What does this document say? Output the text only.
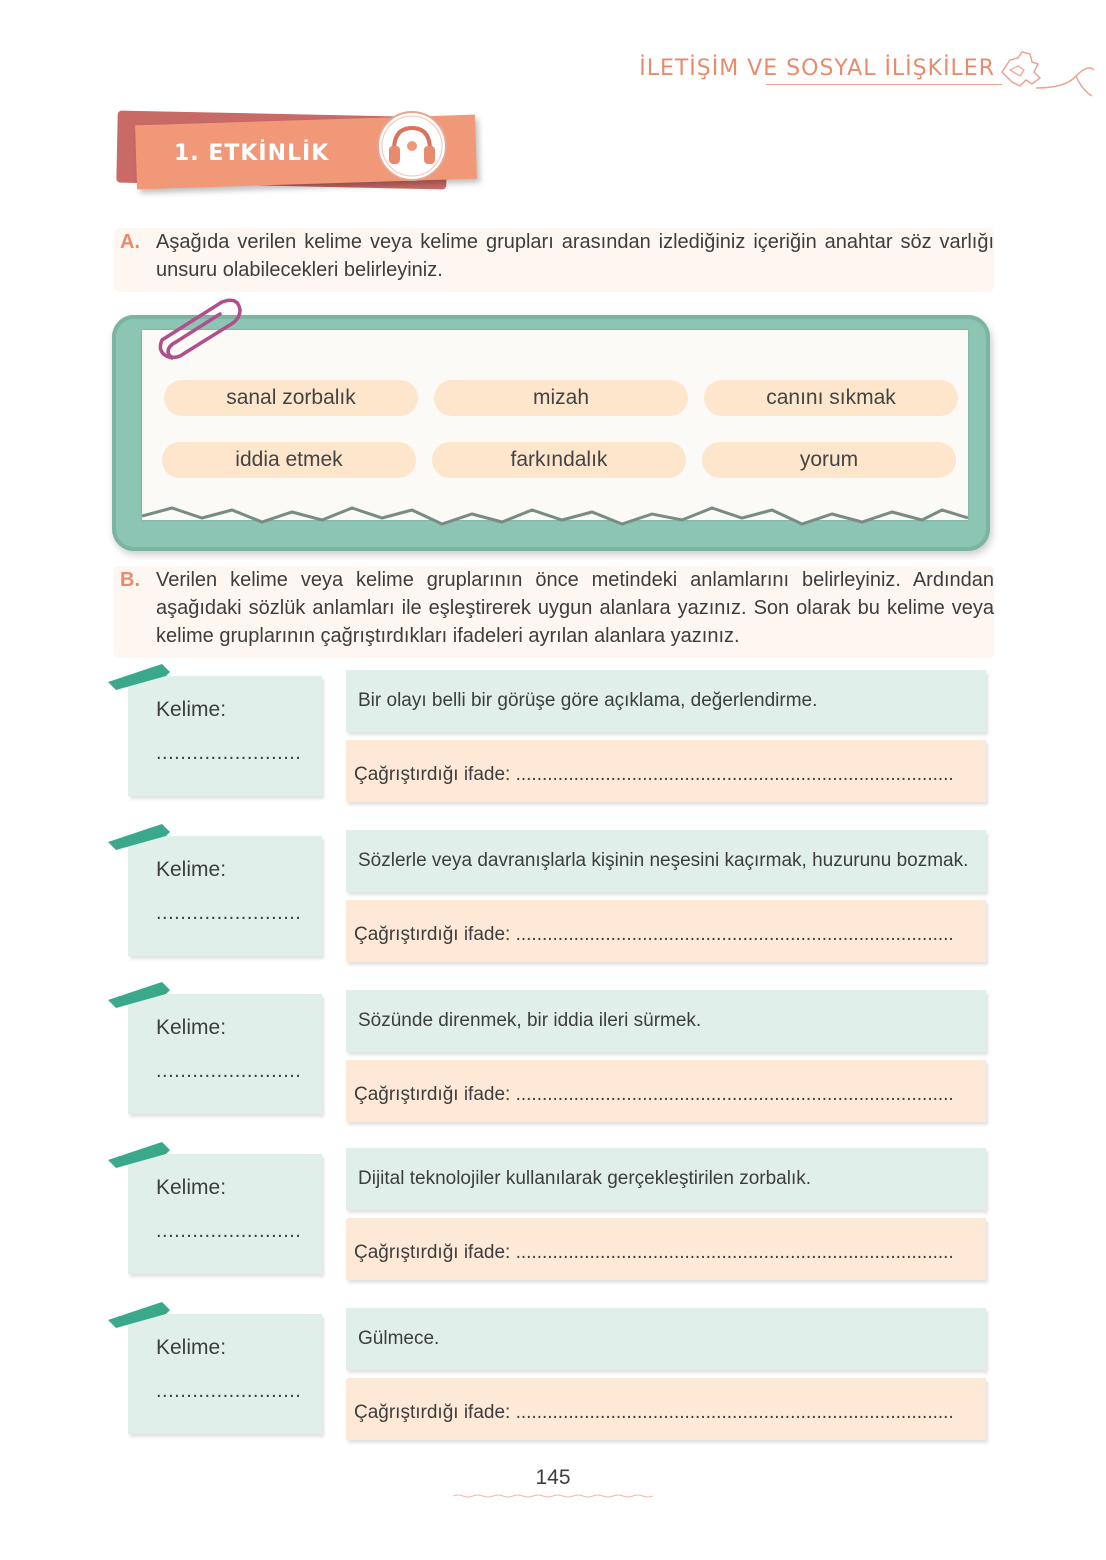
İLETİŞİM VE SOSYAL İLİŞKİLER
1. ETKİNLİK
A. Aşağıda verilen kelime veya kelime grupları arasından izlediğiniz içeriğin anahtar söz varlığı unsuru olabilecekleri belirleyiniz.
sanal zorbalık	mizah	canını sıkmak
iddia etmek	farkındalık	yorum
B. Verilen kelime veya kelime gruplarının önce metindeki anlamlarını belirleyiniz. Ardından aşağıdaki sözlük anlamları ile eşleştirerek uygun alanlara yazınız. Son olarak bu kelime veya kelime gruplarının çağrıştırdıkları ifadeleri ayrılan alanlara yazınız.
Kelime:
........................
Bir olayı belli bir görüşe göre açıklama, değerlendirme.
Çağrıştırdığı ifade: ...................................................................................
Kelime:
........................
Sözlerle veya davranışlarla kişinin neşesini kaçırmak, huzurunu bozmak.
Çağrıştırdığı ifade: ...................................................................................
Kelime:
........................
Sözünde direnmek, bir iddia ileri sürmek.
Çağrıştırdığı ifade: ...................................................................................
Kelime:
........................
Dijital teknolojiler kullanılarak gerçekleştirilen zorbalık.
Çağrıştırdığı ifade: ...................................................................................
Kelime:
........................
Gülmece.
Çağrıştırdığı ifade: ...................................................................................
145
